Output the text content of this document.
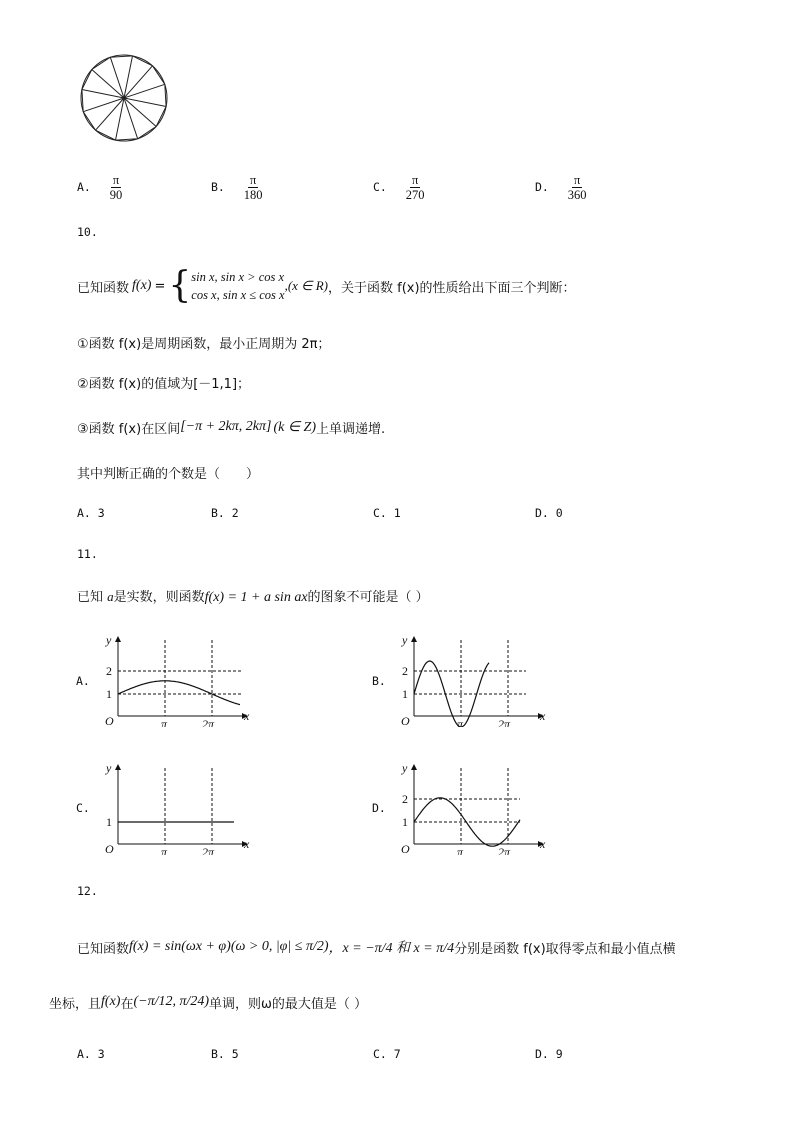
A. $\frac{\pi}{90}$	B. $\frac{\pi}{180}$	C. $\frac{\pi}{270}$	D. $\frac{\pi}{360}$
10.
已知函数 f(x) = { sin x, sin x > cos x
cos x, sin x ≤ cos x
,(x ∈ R) ，关于函数 f(x)的性质给出下面三个判断：
①函数 f(x)是周期函数，最小正周期为 2π；
②函数 f(x)的值域为[－1,1]；
③函数 f(x)在区间 [−π + 2kπ, 2kπ] (k ∈ Z) 上单调递增.
其中判断正确的个数是（　　）
A. 3	B. 2	C. 1	D. 0
11.
已知 a是实数，则函数f(x) = 1 + a sin ax的图象不可能是（ ）
A.	B.
C.	D.
y
x
O	π	2π
1
2
y
x
O	π	2π
1
2
y
x
O	π	2π
1
y
x
O	π	2π
1
2
12.
已知函数 f(x) = sin(ωx + φ) (ω > 0, |φ| ≤ π/2) ，x = −π/4 和 x = π/4 分别是函数 f(x)取得零点和最小值点横
坐标，且 f(x) 在 (−π/12, π/24) 单调，则ω的最大值是（ ）
A. 3	B. 5	C. 7	D. 9
